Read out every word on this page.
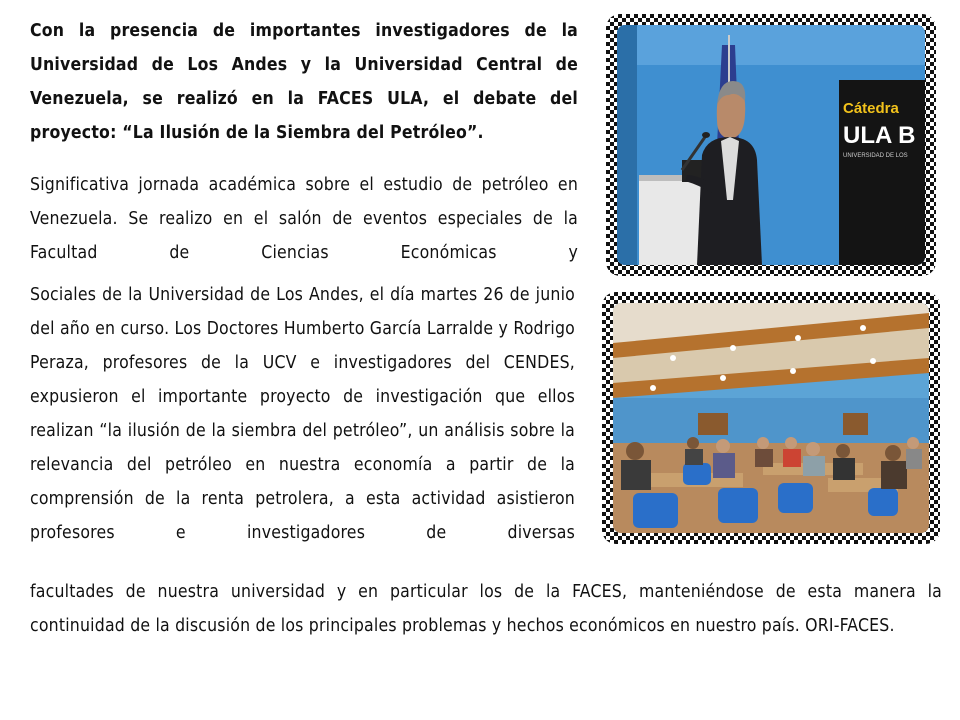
Con la presencia de importantes investigadores de la Universidad de Los Andes y la Universidad Central de Venezuela, se realizó en la FACES ULA, el debate del proyecto: “La Ilusión de la Siembra del Petróleo”.
Significativa jornada académica sobre el estudio de petróleo en Venezuela. Se realizo en el salón de eventos especiales de la Facultad de Ciencias Económicas y
Sociales de la Universidad de Los Andes, el día martes 26 de junio del año en curso. Los Doctores Humberto García Larralde y Rodrigo Peraza, profesores de la UCV e investigadores del CENDES, expusieron el importante proyecto de investigación que ellos realizan “la ilusión de la siembra del petróleo”, un análisis sobre la relevancia del petróleo en nuestra economía a partir de la comprensión de la renta petrolera, a esta actividad asistieron profesores e investigadores de diversas
facultades de nuestra universidad y en particular los de la FACES, manteniéndose de esta manera la continuidad de la discusión de los principales problemas y hechos económicos en nuestro país. ORI-FACES.
Cátedra
ULA B
UNIVERSIDAD DE LOS
